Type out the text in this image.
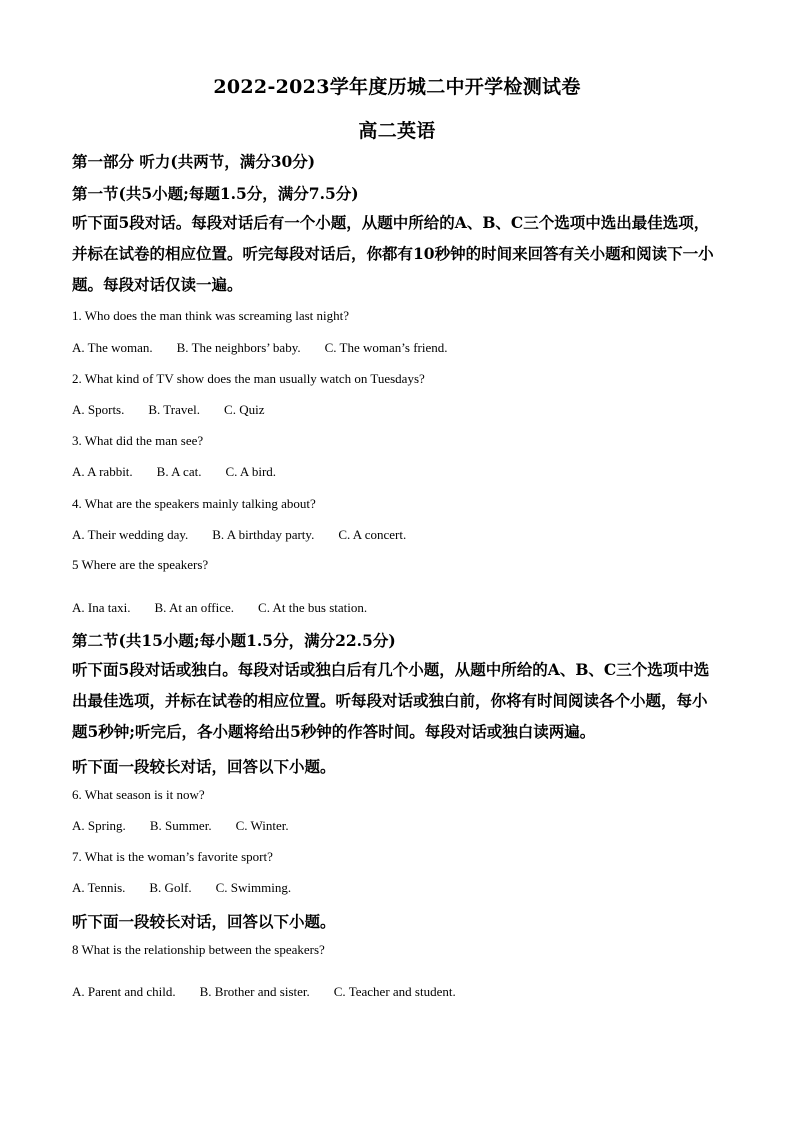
2022-2023学年度历城二中开学检测试卷
高二英语
第一部分 听力(共两节，满分30分)
第一节(共5小题;每题1.5分，满分7.5分)
听下面5段对话。每段对话后有一个小题，从题中所给的A、B、C三个选项中选出最佳选项，并标在试卷的相应位置。听完每段对话后，你都有10秒钟的时间来回答有关小题和阅读下一小题。每段对话仅读一遍。
1. Who does the man think was screaming last night?
A. The woman. B. The neighbors’ baby. C. The woman’s friend.
2. What kind of TV show does the man usually watch on Tuesdays?
A. Sports. B. Travel. C. Quiz
3. What did the man see?
A. A rabbit. B. A cat. C. A bird.
4. What are the speakers mainly talking about?
A. Their wedding day. B. A birthday party. C. A concert.
5 Where are the speakers?
A. Ina taxi. B. At an office. C. At the bus station.
第二节(共15小题;每小题1.5分，满分22.5分)
听下面5段对话或独白。每段对话或独白后有几个小题，从题中所给的A、B、C三个选项中选出最佳选项，并标在试卷的相应位置。听每段对话或独白前，你将有时间阅读各个小题，每小题5秒钟;听完后，各小题将给出5秒钟的作答时间。每段对话或独白读两遍。
听下面一段较长对话，回答以下小题。
6. What season is it now?
A. Spring. B. Summer. C. Winter.
7. What is the woman’s favorite sport?
A. Tennis. B. Golf. C. Swimming.
听下面一段较长对话，回答以下小题。
8 What is the relationship between the speakers?
A. Parent and child. B. Brother and sister. C. Teacher and student.
